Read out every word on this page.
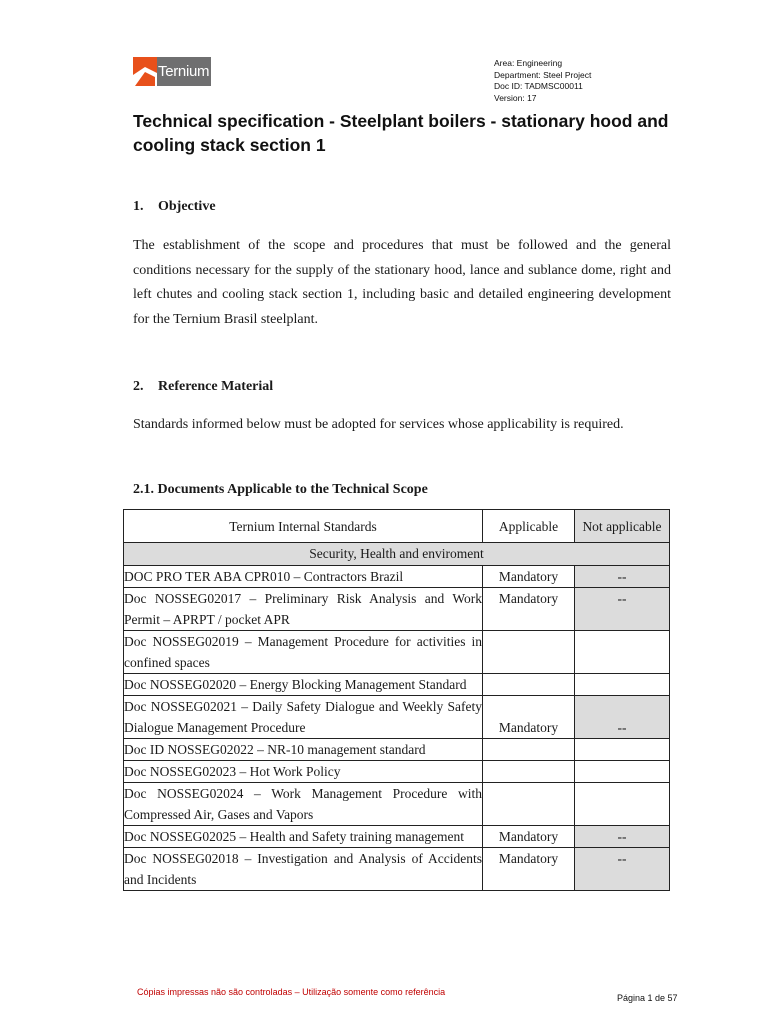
Ternium	Area: Engineering
Department: Steel Project
Doc ID: TADMSC00011
Version: 17
Technical specification - Steelplant boilers - stationary hood and cooling stack section 1
1. Objective
The establishment of the scope and procedures that must be followed and the general conditions necessary for the supply of the stationary hood, lance and sublance dome, right and left chutes and cooling stack section 1, including basic and detailed engineering development for the Ternium Brasil steelplant.
2. Reference Material
Standards informed below must be adopted for services whose applicability is required.
2.1. Documents Applicable to the Technical Scope
Ternium Internal Standards	Applicable	Not applicable
Security, Health and enviroment		
DOC PRO TER ABA CPR010 – Contractors Brazil	Mandatory	--
Doc NOSSEG02017 – Preliminary Risk Analysis and Work Permit – APRPT / pocket APR	Mandatory	--
Doc NOSSEG02019 – Management Procedure for activities in confined spaces		
Doc NOSSEG02020 – Energy Blocking Management Standard		
Doc NOSSEG02021 – Daily Safety Dialogue and Weekly Safety Dialogue Management Procedure	Mandatory	--
Doc ID NOSSEG02022 – NR-10 management standard		
Doc NOSSEG02023 – Hot Work Policy		
Doc NOSSEG02024 – Work Management Procedure with Compressed Air, Gases and Vapors		
Doc NOSSEG02025 – Health and Safety training management	Mandatory	--
Doc NOSSEG02018 – Investigation and Analysis of Accidents and Incidents	Mandatory	--
Cópias impressas não são controladas – Utilização somente como referência
Página 1 de 57
